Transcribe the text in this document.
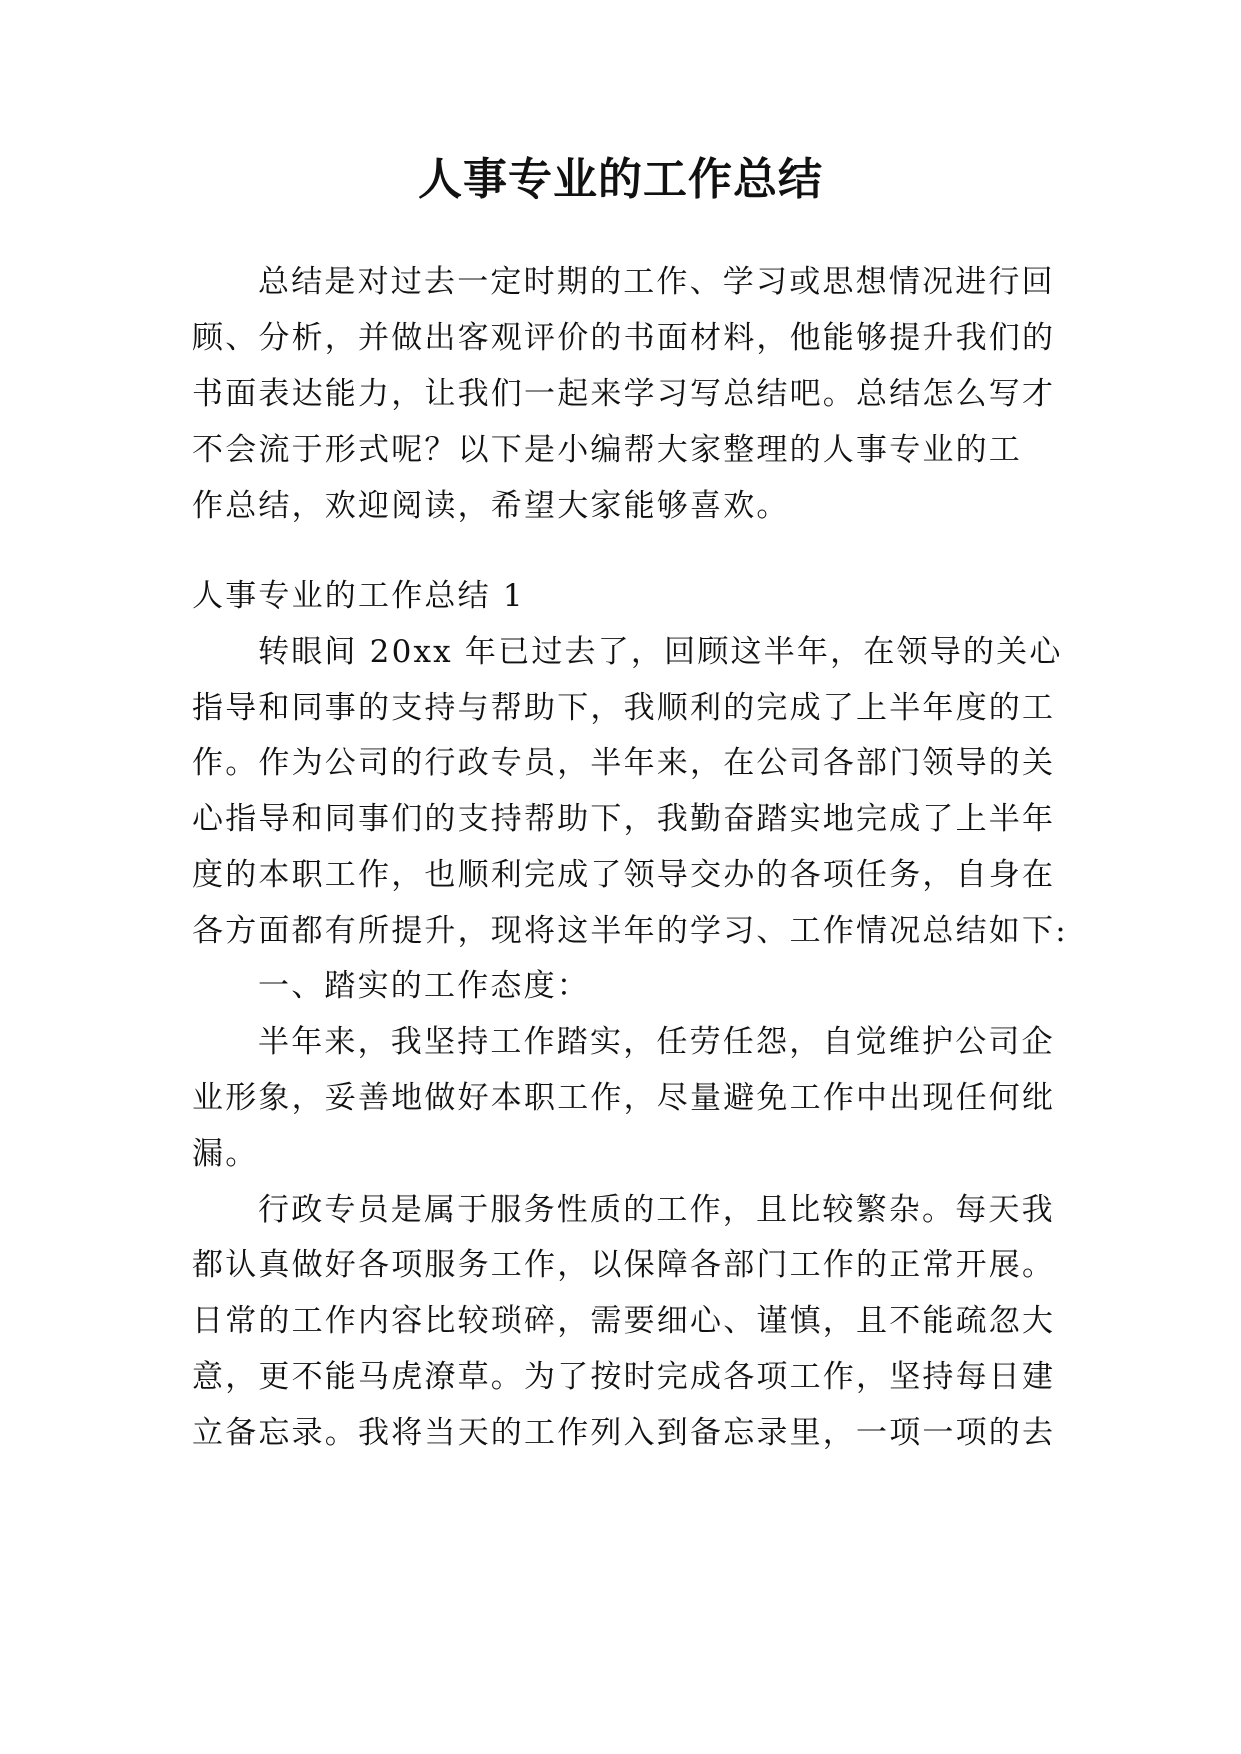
人事专业的工作总结

总结是对过去一定时期的工作、学习或思想情况进行回

顾、分析，并做出客观评价的书面材料，他能够提升我们的

书面表达能力，让我们一起来学习写总结吧。总结怎么写才

不会流于形式呢？以下是小编帮大家整理的人事专业的工

作总结，欢迎阅读，希望大家能够喜欢。

人事专业的工作总结 1

转眼间 20xx 年已过去了，回顾这半年，在领导的关心

指导和同事的支持与帮助下，我顺利的完成了上半年度的工

作。作为公司的行政专员，半年来，在公司各部门领导的关

心指导和同事们的支持帮助下，我勤奋踏实地完成了上半年

度的本职工作，也顺利完成了领导交办的各项任务，自身在

各方面都有所提升，现将这半年的学习、工作情况总结如下:

一、踏实的工作态度：

半年来，我坚持工作踏实，任劳任怨，自觉维护公司企

业形象，妥善地做好本职工作，尽量避免工作中出现任何纰

漏。

行政专员是属于服务性质的工作，且比较繁杂。每天我

都认真做好各项服务工作，以保障各部门工作的正常开展。

日常的工作内容比较琐碎，需要细心、谨慎，且不能疏忽大

意，更不能马虎潦草。为了按时完成各项工作，坚持每日建

立备忘录。我将当天的工作列入到备忘录里，一项一项的去
